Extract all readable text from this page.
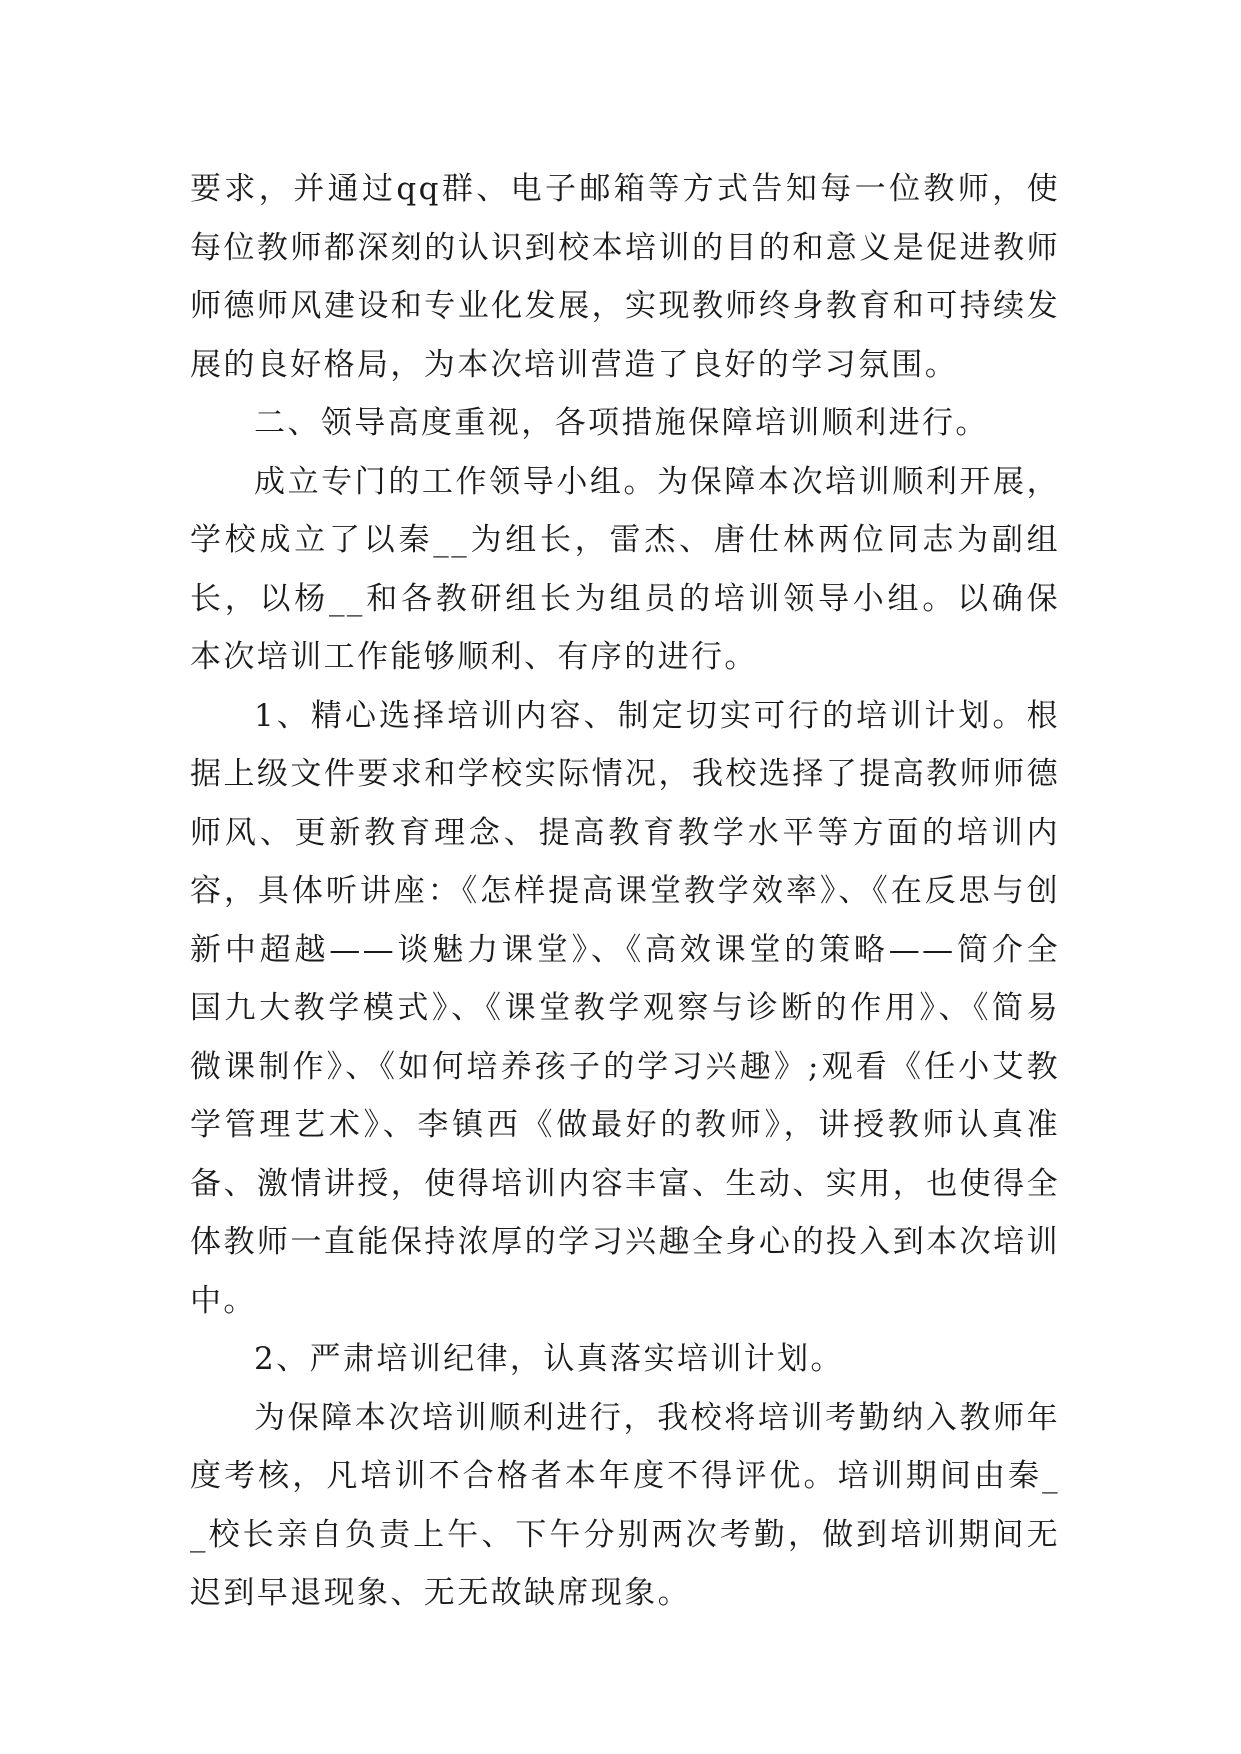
要求，并通过qq群、电子邮箱等方式告知每一位教师，使每位教师都深刻的认识到校本培训的目的和意义是促进教师师德师风建设和专业化发展，实现教师终身教育和可持续发展的良好格局，为本次培训营造了良好的学习氛围。

二、领导高度重视，各项措施保障培训顺利进行。

成立专门的工作领导小组。为保障本次培训顺利开展，学校成立了以秦__为组长，雷杰、唐仕林两位同志为副组长，以杨__和各教研组长为组员的培训领导小组。以确保本次培训工作能够顺利、有序的进行。

1、精心选择培训内容、制定切实可行的培训计划。根据上级文件要求和学校实际情况，我校选择了提高教师师德师风、更新教育理念、提高教育教学水平等方面的培训内容，具体听讲座：《怎样提高课堂教学效率》、《在反思与创新中超越——谈魅力课堂》、《高效课堂的策略——简介全国九大教学模式》、《课堂教学观察与诊断的作用》、《简易微课制作》、《如何培养孩子的学习兴趣》;观看《任小艾教学管理艺术》、李镇西《做最好的教师》，讲授教师认真准备、激情讲授，使得培训内容丰富、生动、实用，也使得全体教师一直能保持浓厚的学习兴趣全身心的投入到本次培训中。

2、严肃培训纪律，认真落实培训计划。

为保障本次培训顺利进行，我校将培训考勤纳入教师年度考核，凡培训不合格者本年度不得评优。培训期间由秦__校长亲自负责上午、下午分别两次考勤，做到培训期间无迟到早退现象、无无故缺席现象。
